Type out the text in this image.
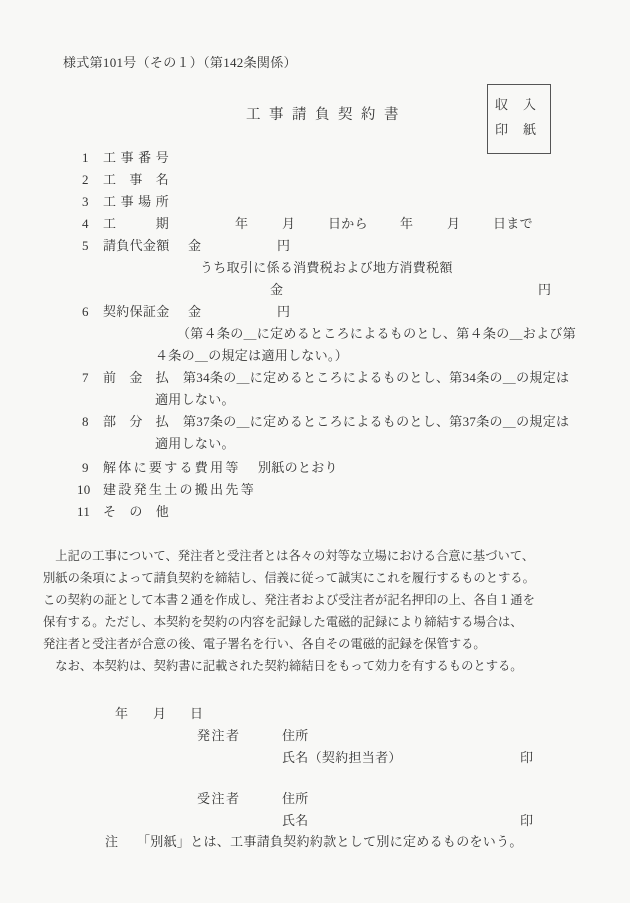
様式第101号（その１）（第142条関係）
工事請負契約書
収入
印紙
1 工事番号
2 工事名
3 工事場所
4 工期	年	月	日から 年	月	日まで
5 請負代金額 金	円
うち取引に係る消費税および地方消費税額
金	円
6 契約保証金 金	円
（第４条の＿に定めるところによるものとし、第４条の＿および第
４条の＿の規定は適用しない。）
7 前金払 第34条の＿に定めるところによるものとし、第34条の＿の規定は
適用しない。
8 部分払 第37条の＿に定めるところによるものとし、第37条の＿の規定は
適用しない。
9 解体に要する費用等 別紙のとおり
10 建設発生土の搬出先等
11 その他
　上記の工事について、発注者と受注者とは各々の対等な立場における合意に基づいて、
別紙の条項によって請負契約を締結し、信義に従って誠実にこれを履行するものとする。
この契約の証として本書２通を作成し、発注者および受注者が記名押印の上、各自１通を
保有する。ただし、本契約を契約の内容を記録した電磁的記録により締結する場合は、
発注者と受注者が合意の後、電子署名を行い、各自その電磁的記録を保管する。
　なお、本契約は、契約書に記載された契約締結日をもって効力を有するものとする。
年 月 日
発注者	住所
氏名（契約担当者）	印
受注者	住所
氏名	印
注 「別紙」とは、工事請負契約約款として別に定めるものをいう。
